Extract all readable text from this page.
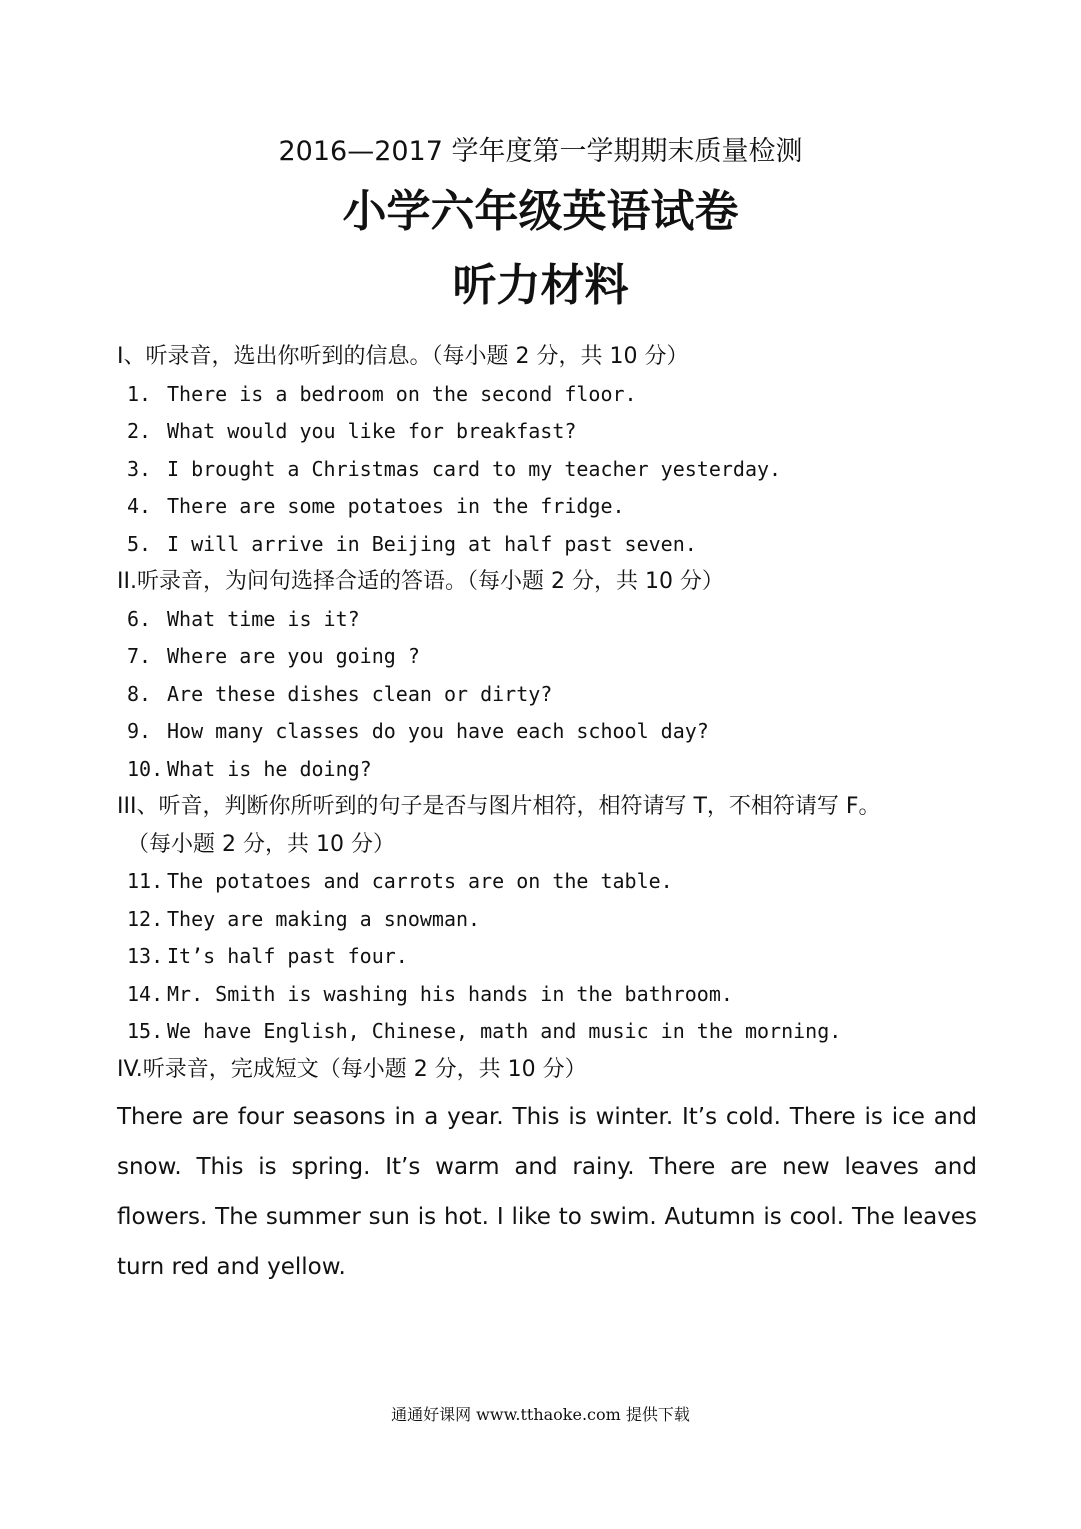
2016—2017 学年度第一学期期末质量检测
小学六年级英语试卷
听力材料
Ⅰ、听录音，选出你听到的信息。（每小题 2 分，共 10 分）
1. There is a bedroom on the second floor.
2. What would you like for breakfast?
3. I brought a Christmas card to my teacher yesterday.
4. There are some potatoes in the fridge.
5. I will arrive in Beijing at half past seven.
II.听录音，为问句选择合适的答语。（每小题 2 分，共 10 分）
6. What time is it?
7. Where are you going ?
8. Are these dishes clean or dirty?
9. How many classes do you have each school day?
10. What is he doing?
III、听音，判断你所听到的句子是否与图片相符，相符请写 T，不相符请写 F。
（每小题 2 分，共 10 分）
11. The potatoes and carrots are on the table.
12. They are making a snowman.
13. It’s half past four.
14. Mr. Smith is washing his hands in the bathroom.
15. We have English, Chinese, math and music in the morning.
IV.听录音，完成短文（每小题 2 分，共 10 分）
There are four seasons in a year. This is winter. It’s cold. There is ice and snow. This is spring. It’s warm and rainy. There are new leaves and flowers. The summer sun is hot. I like to swim. Autumn is cool. The leaves turn red and yellow.
通通好课网 www.tthaoke.com 提供下载
